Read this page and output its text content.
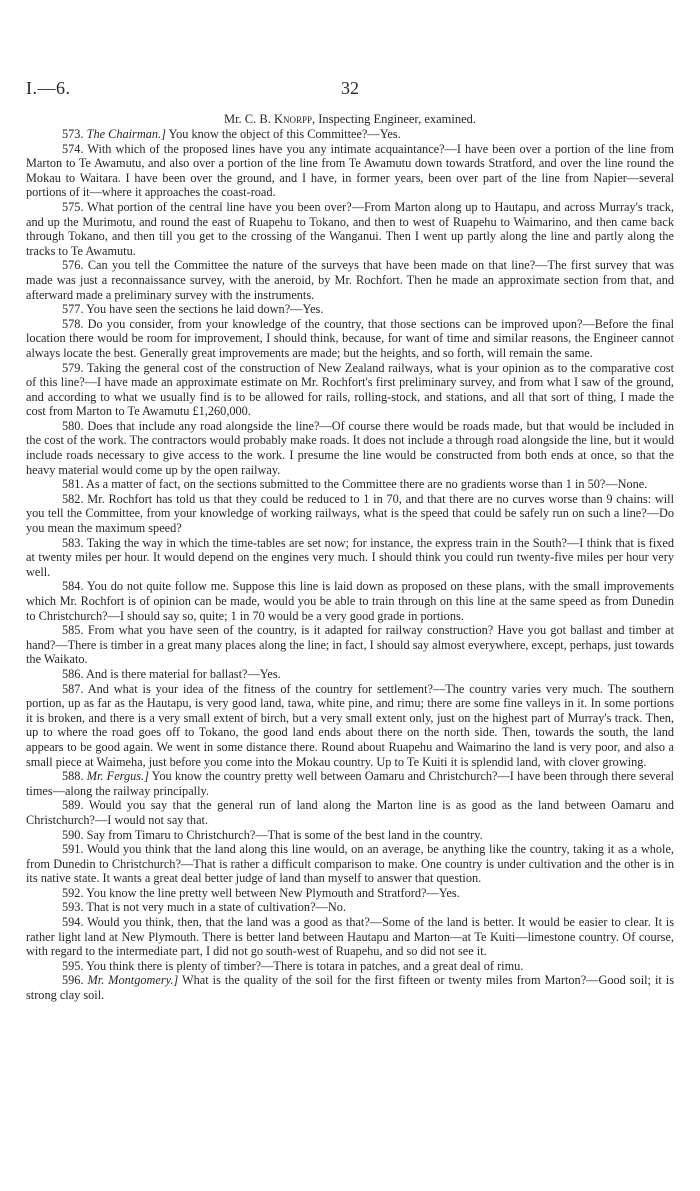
I.—6.	32
Mr. C. B. Knorpp, Inspecting Engineer, examined.

573. The Chairman.] You know the object of this Committee?—Yes.

574. With which of the proposed lines have you any intimate acquaintance?—I have been over a portion of the line from Marton to Te Awamutu, and also over a portion of the line from Te Awamutu down towards Stratford, and over the line round the Mokau to Waitara. I have been over the ground, and I have, in former years, been over part of the line from Napier—several portions of it—where it approaches the coast-road.

575. What portion of the central line have you been over?—From Marton along up to Hautapu, and across Murray's track, and up the Murimotu, and round the east of Ruapehu to Tokano, and then to west of Ruapehu to Waimarino, and then came back through Tokano, and then till you get to the crossing of the Wanganui. Then I went up partly along the line and partly along the tracks to Te Awamutu.

576. Can you tell the Committee the nature of the surveys that have been made on that line?—The first survey that was made was just a reconnaissance survey, with the aneroid, by Mr. Rochfort. Then he made an approximate section from that, and afterward made a preliminary survey with the instruments.

577. You have seen the sections he laid down?—Yes.

578. Do you consider, from your knowledge of the country, that those sections can be improved upon?—Before the final location there would be room for improvement, I should think, because, for want of time and similar reasons, the Engineer cannot always locate the best. Generally great improvements are made; but the heights, and so forth, will remain the same.

579. Taking the general cost of the construction of New Zealand railways, what is your opinion as to the comparative cost of this line?—I have made an approximate estimate on Mr. Rochfort's first preliminary survey, and from what I saw of the ground, and according to what we usually find is to be allowed for rails, rolling-stock, and stations, and all that sort of thing, I made the cost from Marton to Te Awamutu £1,260,000.

580. Does that include any road alongside the line?—Of course there would be roads made, but that would be included in the cost of the work. The contractors would probably make roads. It does not include a through road alongside the line, but it would include roads necessary to give access to the work. I presume the line would be constructed from both ends at once, so that the heavy material would come up by the open railway.

581. As a matter of fact, on the sections submitted to the Committee there are no gradients worse than 1 in 50?—None.

582. Mr. Rochfort has told us that they could be reduced to 1 in 70, and that there are no curves worse than 9 chains: will you tell the Committee, from your knowledge of working railways, what is the speed that could be safely run on such a line?—Do you mean the maximum speed?

583. Taking the way in which the time-tables are set now; for instance, the express train in the South?—I think that is fixed at twenty miles per hour. It would depend on the engines very much. I should think you could run twenty-five miles per hour very well.

584. You do not quite follow me. Suppose this line is laid down as proposed on these plans, with the small improvements which Mr. Rochfort is of opinion can be made, would you be able to train through on this line at the same speed as from Dunedin to Christchurch?—I should say so, quite; 1 in 70 would be a very good grade in portions.

585. From what you have seen of the country, is it adapted for railway construction? Have you got ballast and timber at hand?—There is timber in a great many places along the line; in fact, I should say almost everywhere, except, perhaps, just towards the Waikato.

586. And is there material for ballast?—Yes.

587. And what is your idea of the fitness of the country for settlement?—The country varies very much. The southern portion, up as far as the Hautapu, is very good land, tawa, white pine, and rimu; there are some fine valleys in it. In some portions it is broken, and there is a very small extent of birch, but a very small extent only, just on the highest part of Murray's track. Then, up to where the road goes off to Tokano, the good land ends about there on the north side. Then, towards the south, the land appears to be good again. We went in some distance there. Round about Ruapehu and Waimarino the land is very poor, and also a small piece at Waimeha, just before you come into the Mokau country. Up to Te Kuiti it is splendid land, with clover growing.

588. Mr. Fergus.] You know the country pretty well between Oamaru and Christchurch?—I have been through there several times—along the railway principally.

589. Would you say that the general run of land along the Marton line is as good as the land between Oamaru and Christchurch?—I would not say that.

590. Say from Timaru to Christchurch?—That is some of the best land in the country.

591. Would you think that the land along this line would, on an average, be anything like the country, taking it as a whole, from Dunedin to Christchurch?—That is rather a difficult comparison to make. One country is under cultivation and the other is in its native state. It wants a great deal better judge of land than myself to answer that question.

592. You know the line pretty well between New Plymouth and Stratford?—Yes.

593. That is not very much in a state of cultivation?—No.

594. Would you think, then, that the land was a good as that?—Some of the land is better. It would be easier to clear. It is rather light land at New Plymouth. There is better land between Hautapu and Marton—at Te Kuiti—limestone country. Of course, with regard to the intermediate part, I did not go south-west of Ruapehu, and so did not see it.

595. You think there is plenty of timber?—There is totara in patches, and a great deal of rimu.

596. Mr. Montgomery.] What is the quality of the soil for the first fifteen or twenty miles from Marton?—Good soil; it is strong clay soil.
